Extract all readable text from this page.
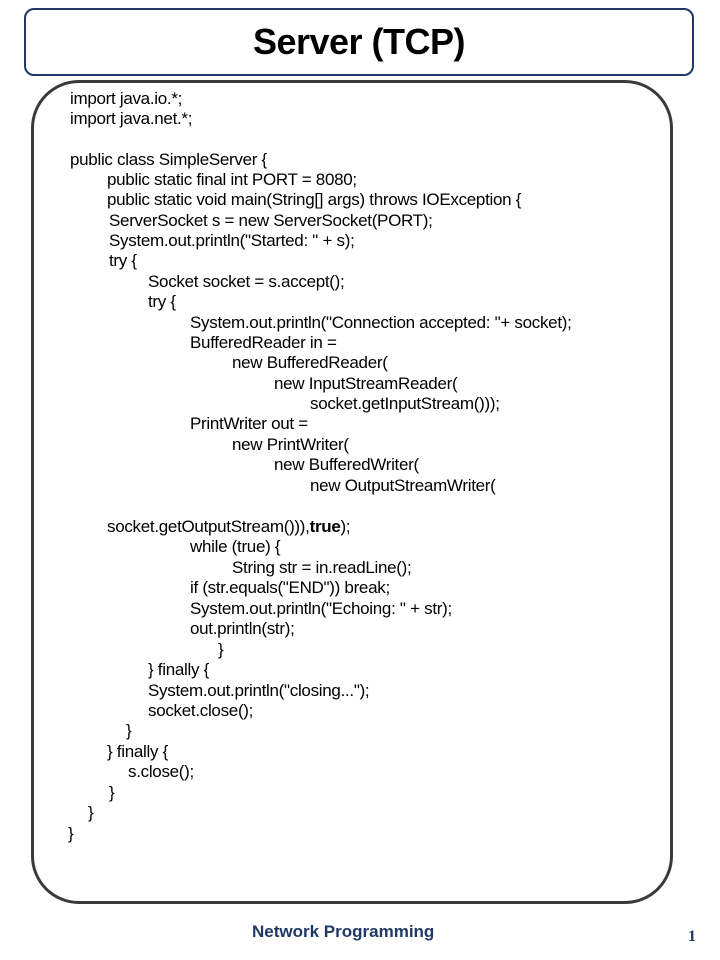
Server (TCP)
import java.io.*;
import java.net.*;
public class SimpleServer {
public static final int PORT = 8080;
public static void main(String[] args) throws IOException {
ServerSocket s = new ServerSocket(PORT);
System.out.println("Started: " + s);
try {
Socket socket = s.accept();
try {
System.out.println("Connection accepted: "+ socket);
BufferedReader in =
new BufferedReader(
new InputStreamReader(
socket.getInputStream()));
PrintWriter out =
new PrintWriter(
new BufferedWriter(
new OutputStreamWriter(
socket.getOutputStream())),true);
while (true) {
String str = in.readLine();
if (str.equals("END")) break;
System.out.println("Echoing: " + str);
out.println(str);
}
} finally {
System.out.println("closing...");
socket.close();
}
} finally {
s.close();
}
}
}
Network Programming	1
